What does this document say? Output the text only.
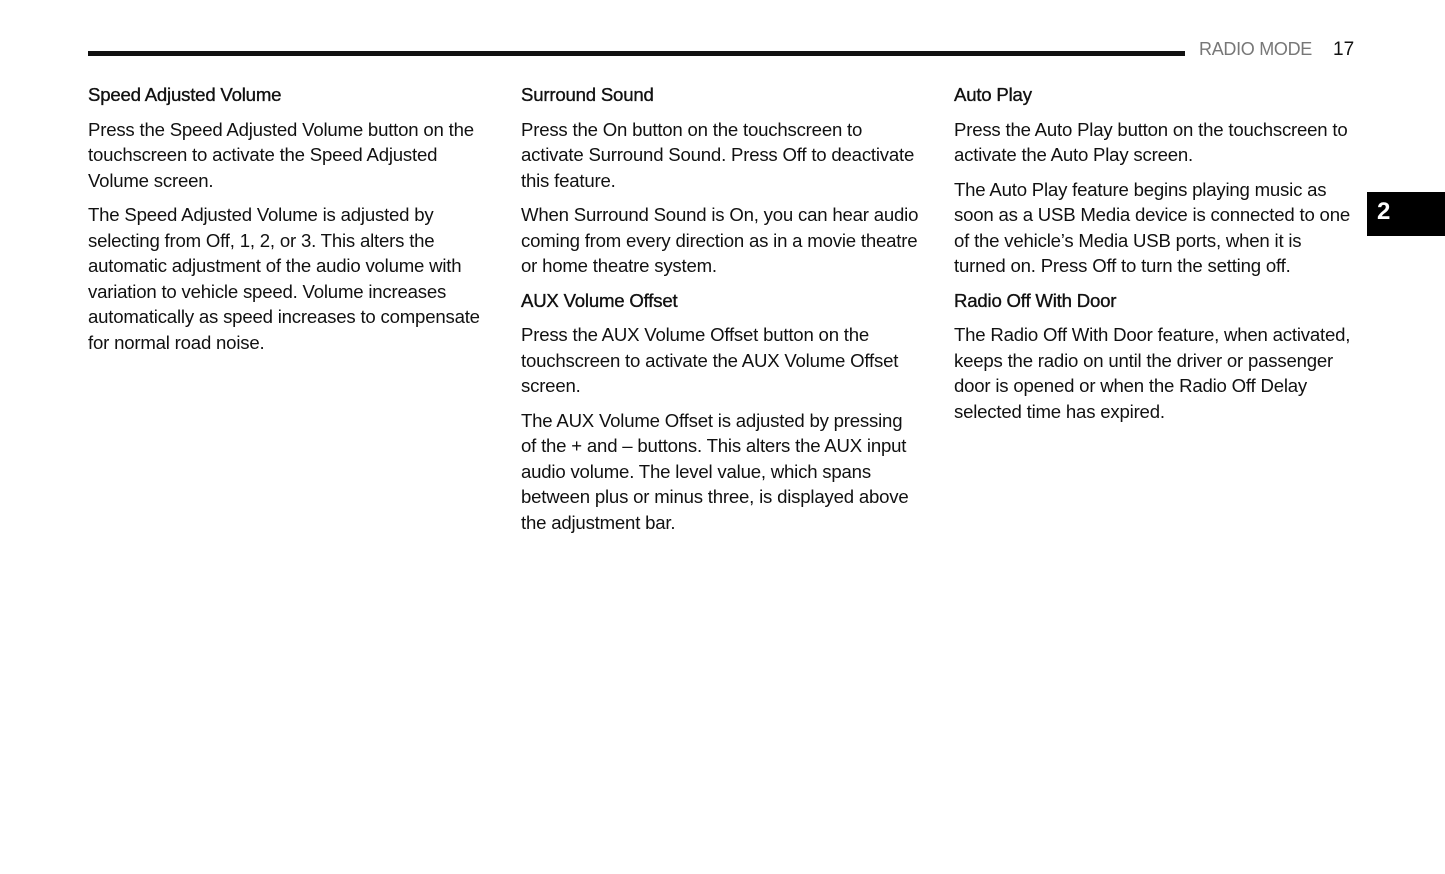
RADIO MODE 17
2
Speed Adjusted Volume

Press the Speed Adjusted Volume button on the touchscreen to activate the Speed Adjusted Volume screen.

The Speed Adjusted Volume is adjusted by selecting from Off, 1, 2, or 3. This alters the automatic adjustment of the audio volume with variation to vehicle speed. Volume increases automatically as speed increases to compensate for normal road noise.

Surround Sound

Press the On button on the touchscreen to activate Surround Sound. Press Off to deactivate this feature.

When Surround Sound is On, you can hear audio coming from every direction as in a movie theatre or home theatre system.

AUX Volume Offset

Press the AUX Volume Offset button on the touchscreen to activate the AUX Volume Offset screen.

The AUX Volume Offset is adjusted by pressing of the + and – buttons. This alters the AUX input audio volume. The level value, which spans between plus or minus three, is displayed above the adjustment bar.

Auto Play

Press the Auto Play button on the touchscreen to activate the Auto Play screen.

The Auto Play feature begins playing music as soon as a USB Media device is connected to one of the vehicle’s Media USB ports, when it is turned on. Press Off to turn the setting off.

Radio Off With Door

The Radio Off With Door feature, when activated, keeps the radio on until the driver or passenger door is opened or when the Radio Off Delay selected time has expired.
